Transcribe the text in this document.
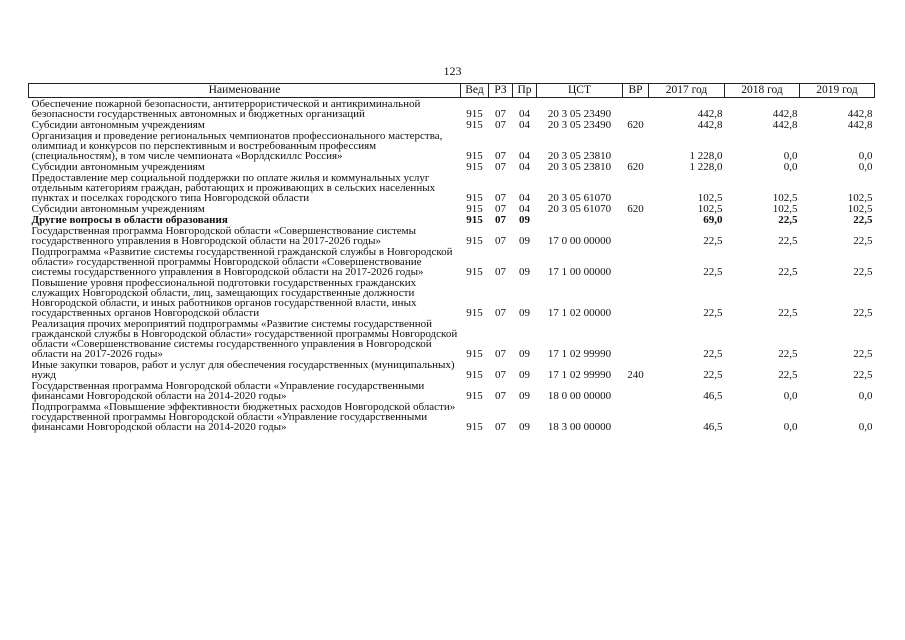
123
Наименование	Вед	РЗ	Пр	ЦСТ	ВР	2017 год	2018 год	2019 год
Обеспечение пожарной безопасности, антитеррористической и антикриминальной безопасности государственных автономных и бюджетных организаций	915	07	04	20 3 05 23490		442,8	442,8	442,8
Субсидии автономным учреждениям	915	07	04	20 3 05 23490	620	442,8	442,8	442,8
Организация и проведение региональных чемпионатов профессионального мастерства, олимпиад и конкурсов по перспективным и востребованным профессиям (специальностям), в том числе чемпионата «Ворлдскиллс Россия»	915	07	04	20 3 05 23810		1 228,0	0,0	0,0
Субсидии автономным учреждениям	915	07	04	20 3 05 23810	620	1 228,0	0,0	0,0
Предоставление мер социальной поддержки по оплате жилья и коммунальных услуг отдельным категориям граждан, работающих и проживающих в сельских населенных пунктах и поселках городского типа Новгородской области	915	07	04	20 3 05 61070		102,5	102,5	102,5
Субсидии автономным учреждениям	915	07	04	20 3 05 61070	620	102,5	102,5	102,5
Другие вопросы в области образования	915	07	09			69,0	22,5	22,5
Государственная программа Новгородской области «Совершенствование системы государственного управления в Новгородской области на 2017-2026 годы»	915	07	09	17 0 00 00000		22,5	22,5	22,5
Подпрограмма «Развитие системы государственной гражданской службы в Новгородской области» государственной программы Новгородской области «Совершенствование системы государственного управления в Новгородской области на 2017-2026 годы»	915	07	09	17 1 00 00000		22,5	22,5	22,5
Повышение уровня профессиональной подготовки государственных гражданских служащих Новгородской области, лиц, замещающих государственные должности Новгородской области, и иных работников органов государственной власти, иных государственных органов Новгородской области	915	07	09	17 1 02 00000		22,5	22,5	22,5
Реализация прочих мероприятий подпрограммы «Развитие системы государственной гражданской службы в Новгородской области» государственной программы Новгородской области «Совершенствование системы государственного управления в Новгородской области на 2017-2026 годы»	915	07	09	17 1 02 99990		22,5	22,5	22,5
Иные закупки товаров, работ и услуг для обеспечения государственных (муниципальных) нужд	915	07	09	17 1 02 99990	240	22,5	22,5	22,5
Государственная программа Новгородской области «Управление государственными финансами Новгородской области на 2014-2020 годы»	915	07	09	18 0 00 00000		46,5	0,0	0,0
Подпрограмма «Повышение эффективности бюджетных расходов Новгородской области» государственной программы Новгородской области «Управление государственными финансами Новгородской области на 2014-2020 годы»	915	07	09	18 3 00 00000		46,5	0,0	0,0
